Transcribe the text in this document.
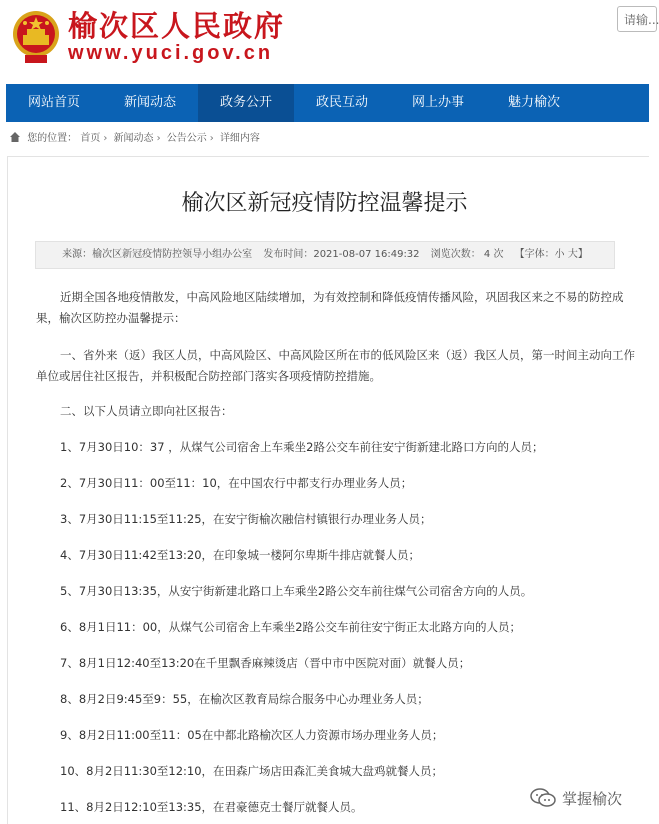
榆次区人民政府
www.yuci.gov.cn
请输...
网站首页	新闻动态	政务公开	政民互动	网上办事	魅力榆次
您的位置： 首页 › 新闻动态 › 公告公示 › 详细内容
榆次区新冠疫情防控温馨提示
来源：榆次区新冠疫情防控领导小组办公室 发布时间：2021-08-07 16:49:32 浏览次数： 4 次 【字体：小 大】
近期全国各地疫情散发，中高风险地区陆续增加，为有效控制和降低疫情传播风险，巩固我区来之不易的防控成
果，榆次区防控办温馨提示：
一、省外来（返）我区人员，中高风险区、中高风险区所在市的低风险区来（返）我区人员，第一时间主动向工作
单位或居住社区报告，并积极配合防控部门落实各项疫情防控措施。
二、以下人员请立即向社区报告：
1、7月30日10：37 ，从煤气公司宿舍上车乘坐2路公交车前往安宁街新建北路口方向的人员；
2、7月30日11：00至11：10，在中国农行中都支行办理业务人员；
3、7月30日11:15至11:25，在安宁街榆次融信村镇银行办理业务人员；
4、7月30日11:42至13:20，在印象城一楼阿尔卑斯牛排店就餐人员；
5、7月30日13:35，从安宁街新建北路口上车乘坐2路公交车前往煤气公司宿舍方向的人员。
6、8月1日11：00，从煤气公司宿舍上车乘坐2路公交车前往安宁街正太北路方向的人员；
7、8月1日12:40至13:20在千里飘香麻辣烫店（晋中市中医院对面）就餐人员；
8、8月2日9:45至9：55，在榆次区教育局综合服务中心办理业务人员；
9、8月2日11:00至11：05在中都北路榆次区人力资源市场办理业务人员；
10、8月2日11:30至12:10，在田森广场店田森汇美食城大盘鸡就餐人员；
11、8月2日12:10至13:35，在君豪德克士餐厅就餐人员。	掌握榆次
